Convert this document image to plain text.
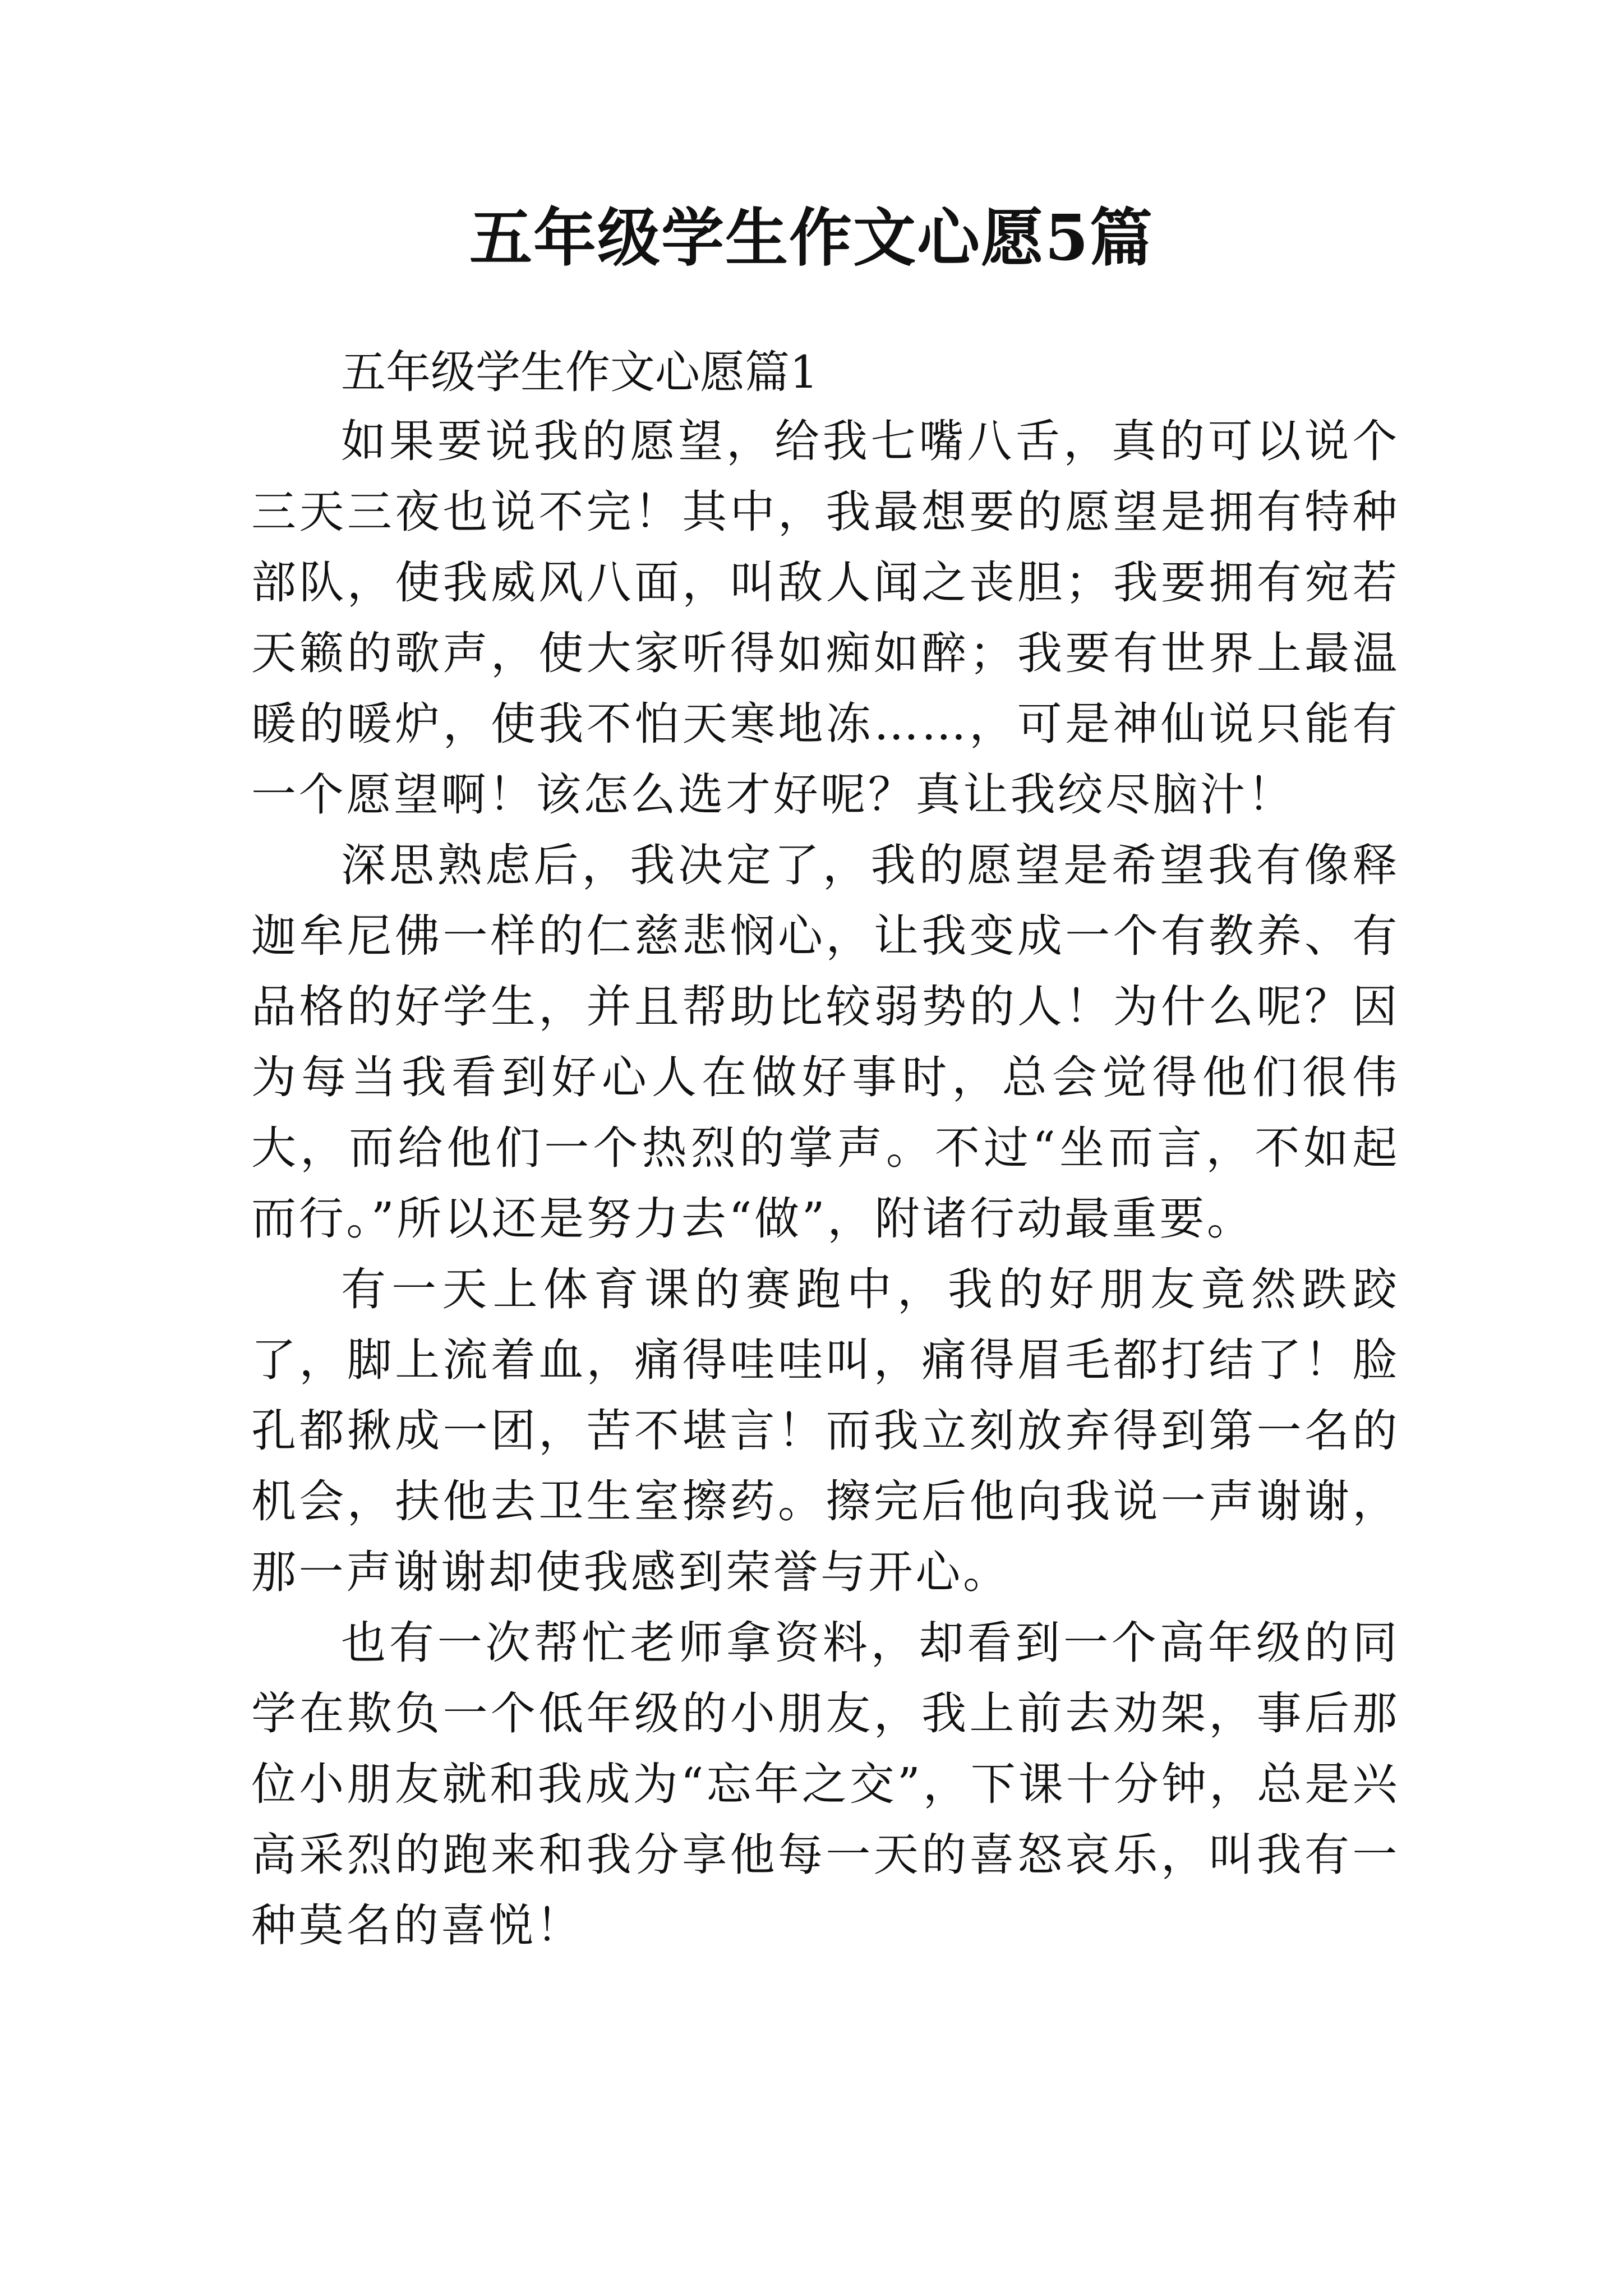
五年级学生作文心愿5篇
五年级学生作文心愿篇1

如果要说我的愿望，给我七嘴八舌，真的可以说个三天三夜也说不完！其中，我最想要的愿望是拥有特种部队，使我威风八面，叫敌人闻之丧胆；我要拥有宛若天籁的歌声，使大家听得如痴如醉；我要有世界上最温暖的暖炉，使我不怕天寒地冻……，可是神仙说只能有一个愿望啊！该怎么选才好呢？真让我绞尽脑汁！

深思熟虑后，我决定了，我的愿望是希望我有像释迦牟尼佛一样的仁慈悲悯心，让我变成一个有教养、有品格的好学生，并且帮助比较弱势的人！为什么呢？因为每当我看到好心人在做好事时，总会觉得他们很伟大，而给他们一个热烈的掌声。不过“坐而言，不如起而行。”所以还是努力去“做”，附诸行动最重要。

有一天上体育课的赛跑中，我的好朋友竟然跌跤了，脚上流着血，痛得哇哇叫，痛得眉毛都打结了！脸孔都揪成一团，苦不堪言！而我立刻放弃得到第一名的机会，扶他去卫生室擦药。擦完后他向我说一声谢谢，那一声谢谢却使我感到荣誉与开心。

也有一次帮忙老师拿资料，却看到一个高年级的同学在欺负一个低年级的小朋友，我上前去劝架，事后那位小朋友就和我成为“忘年之交”，下课十分钟，总是兴高采烈的跑来和我分享他每一天的喜怒哀乐，叫我有一种莫名的喜悦！
